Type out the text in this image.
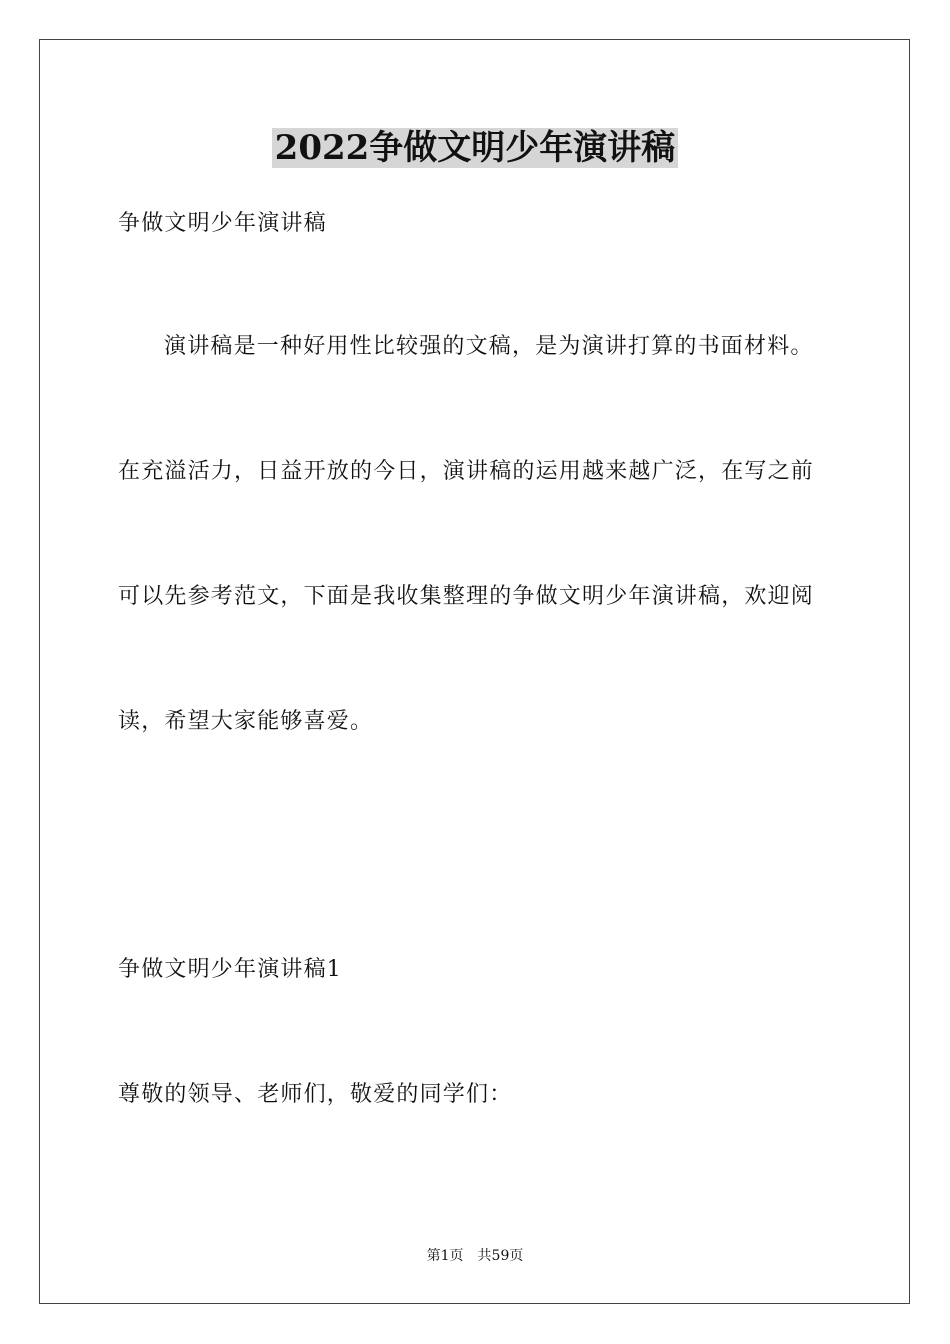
2022争做文明少年演讲稿
争做文明少年演讲稿
演讲稿是一种好用性比较强的文稿，是为演讲打算的书面材料。
在充溢活力，日益开放的今日，演讲稿的运用越来越广泛，在写之前
可以先参考范文，下面是我收集整理的争做文明少年演讲稿，欢迎阅
读，希望大家能够喜爱。
争做文明少年演讲稿1
尊敬的领导、老师们，敬爱的同学们：
第1页 共59页
